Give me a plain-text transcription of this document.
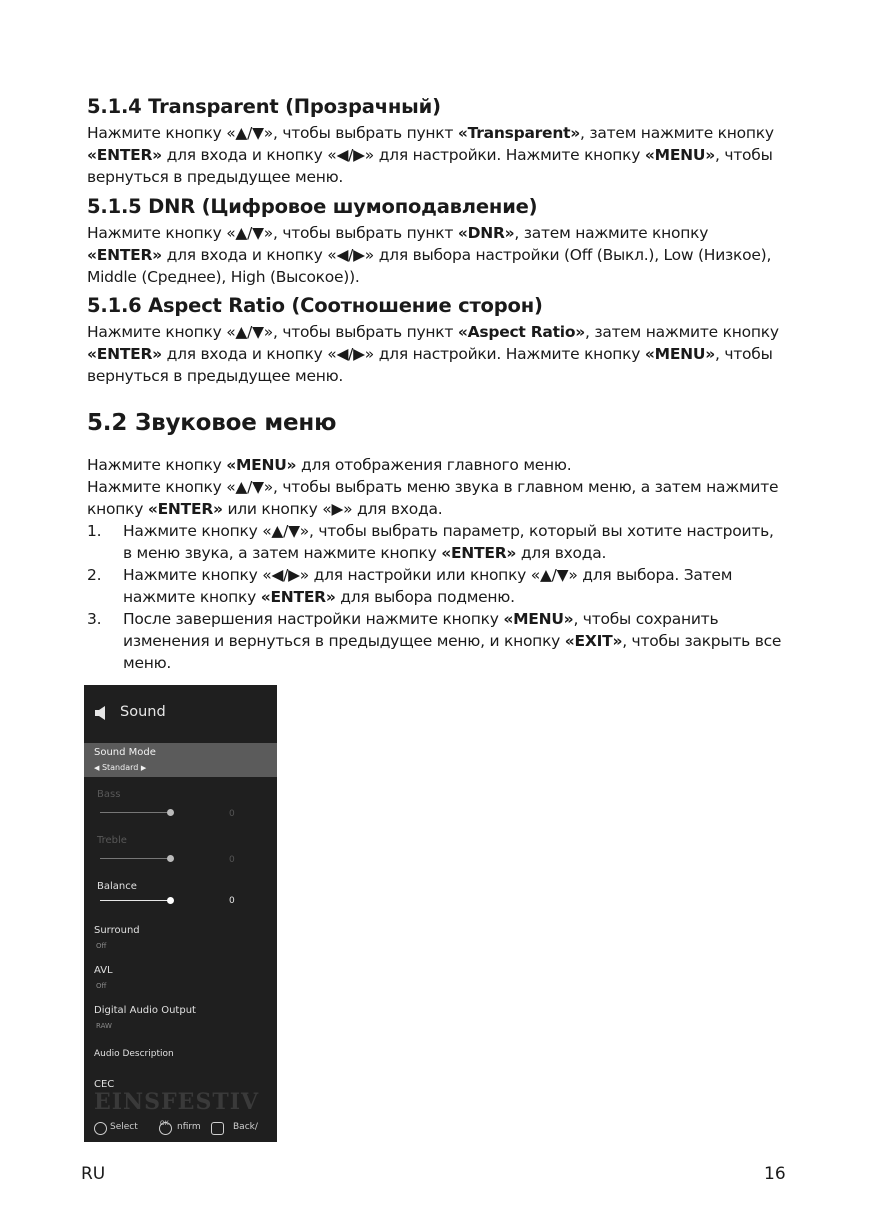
5.1.4 Transparent (Прозрачный)

Нажмите кнопку «▲/▼», чтобы выбрать пункт «Transparent», затем нажмите кнопку «ENTER» для входа и кнопку «◀/▶» для настройки. Нажмите кнопку «MENU», чтобы вернуться в предыдущее меню.

5.1.5 DNR (Цифровое шумоподавление)

Нажмите кнопку «▲/▼», чтобы выбрать пункт «DNR», затем нажмите кнопку «ENTER» для входа и кнопку «◀/▶» для выбора настройки (Off (Выкл.), Low (Низкое), Middle (Среднее), High (Высокое)).

5.1.6 Aspect Ratio (Соотношение сторон)

Нажмите кнопку «▲/▼», чтобы выбрать пункт «Aspect Ratio», затем нажмите кнопку «ENTER» для входа и кнопку «◀/▶» для настройки. Нажмите кнопку «MENU», чтобы вернуться в предыдущее меню.

5.2 Звуковое меню

Нажмите кнопку «MENU» для отображения главного меню.
Нажмите кнопку «▲/▼», чтобы выбрать меню звука в главном меню, а затем нажмите кнопку «ENTER» или кнопку «▶» для входа.

1. Нажмите кнопку «▲/▼», чтобы выбрать параметр, который вы хотите настроить, в меню звука, а затем нажмите кнопку «ENTER» для входа.
2. Нажмите кнопку «◀/▶» для настройки или кнопку «▲/▼» для выбора. Затем нажмите кнопку «ENTER» для выбора подменю.
3. После завершения настройки нажмите кнопку «MENU», чтобы сохранить изменения и вернуться в предыдущее меню, и кнопку «EXIT», чтобы закрыть все меню.
Sound
Sound Mode
◀ Standard ▶
Bass
0
Treble
0
Balance
0
Surround
Off
AVL
Off
Digital Audio Output
RAW
Audio Description
CEC
EINSFESTIV
Select	OK nfirm	Back/
RU	16
